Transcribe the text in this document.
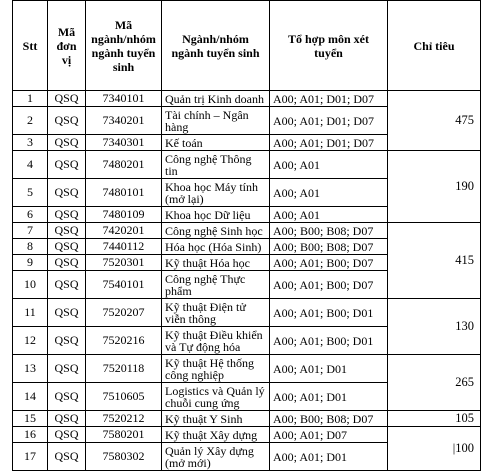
Stt	Mã đơn vị	Mã ngành/nhóm ngành tuyển sinh	Ngành/nhóm ngành tuyển sinh	Tổ hợp môn xét tuyển	Chỉ tiêu
1	QSQ	7340101	Quản trị Kinh doanh	A00; A01; D01; D07	475
2	QSQ	7340201	Tài chính – Ngân hàng	A00; A01; D01; D07	
3	QSQ	7340301	Kế toán	A00; A01; D01; D07	
4	QSQ	7480201	Công nghệ Thông tin	A00; A01	190
5	QSQ	7480101	Khoa học Máy tính (mở lại)	A00; A01	
6	QSQ	7480109	Khoa học Dữ liệu	A00; A01	
7	QSQ	7420201	Công nghệ Sinh học	A00; B00; B08; D07	415
8	QSQ	7440112	Hóa học (Hóa Sinh)	A00; B00; B08; D07	
9	QSQ	7520301	Kỹ thuật Hóa học	A00; A01; B00; D07	
10	QSQ	7540101	Công nghệ Thực phẩm	A00; A01; B00; D07	
11	QSQ	7520207	Kỹ thuật Điện tử viễn thông	A00; A01; B00; D01	130
12	QSQ	7520216	Kỹ thuật Điều khiển và Tự động hóa	A00; A01; B00; D01	
13	QSQ	7520118	Kỹ thuật Hệ thống công nghiệp	A00; A01; D01	265
14	QSQ	7510605	Logistics và Quản lý chuỗi cung ứng	A00; A01; D01	
15	QSQ	7520212	Kỹ thuật Y Sinh	A00; B00; B08; D07	105
16	QSQ	7580201	Kỹ thuật Xây dựng	A00; A01; D07	|100
17	QSQ	7580302	Quản lý Xây dựng (mở mới)	A00; A01; D01	
